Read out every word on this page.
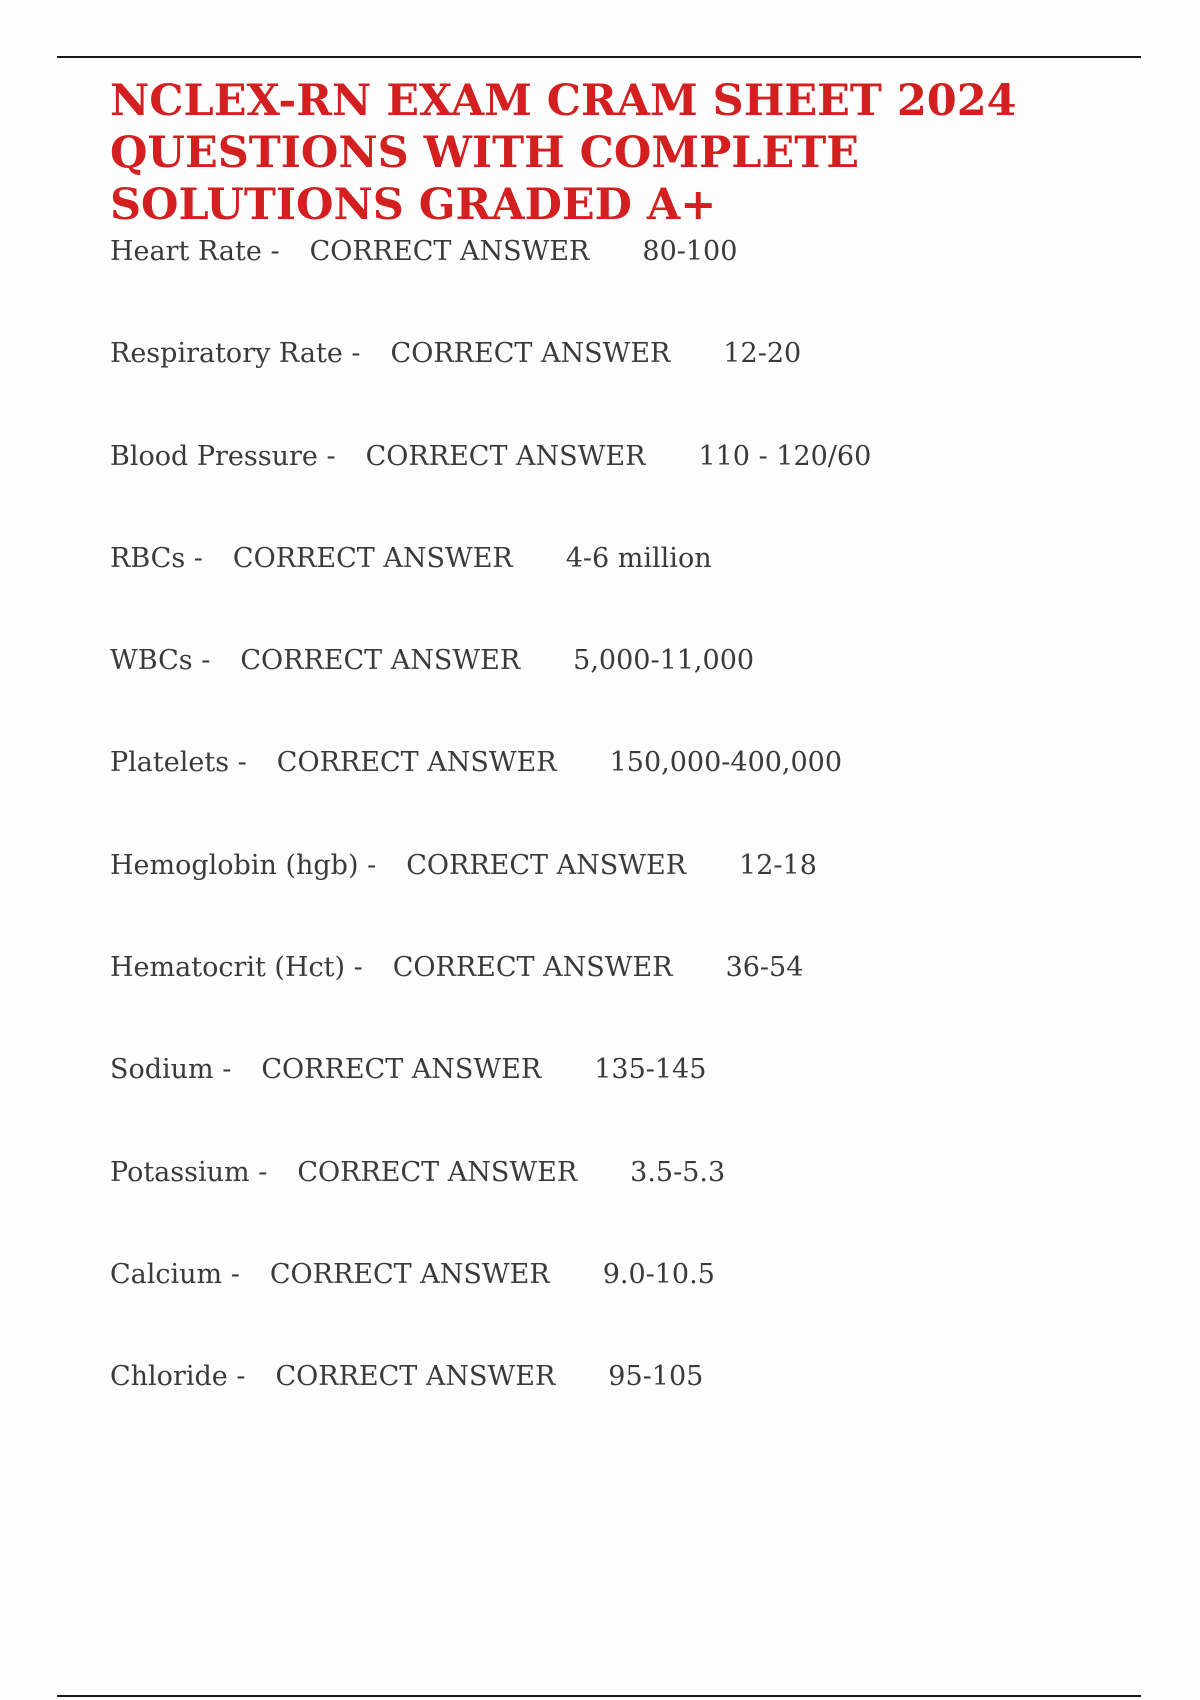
NCLEX-RN EXAM CRAM SHEET 2024 QUESTIONS WITH COMPLETE SOLUTIONS GRADED A+
Heart Rate - CORRECT ANSWER 80-100
Respiratory Rate - CORRECT ANSWER 12-20
Blood Pressure - CORRECT ANSWER 110 - 120/60
RBCs - CORRECT ANSWER 4-6 million
WBCs - CORRECT ANSWER 5,000-11,000
Platelets - CORRECT ANSWER 150,000-400,000
Hemoglobin (hgb) - CORRECT ANSWER 12-18
Hematocrit (Hct) - CORRECT ANSWER 36-54
Sodium - CORRECT ANSWER 135-145
Potassium - CORRECT ANSWER 3.5-5.3
Calcium - CORRECT ANSWER 9.0-10.5
Chloride - CORRECT ANSWER 95-105
